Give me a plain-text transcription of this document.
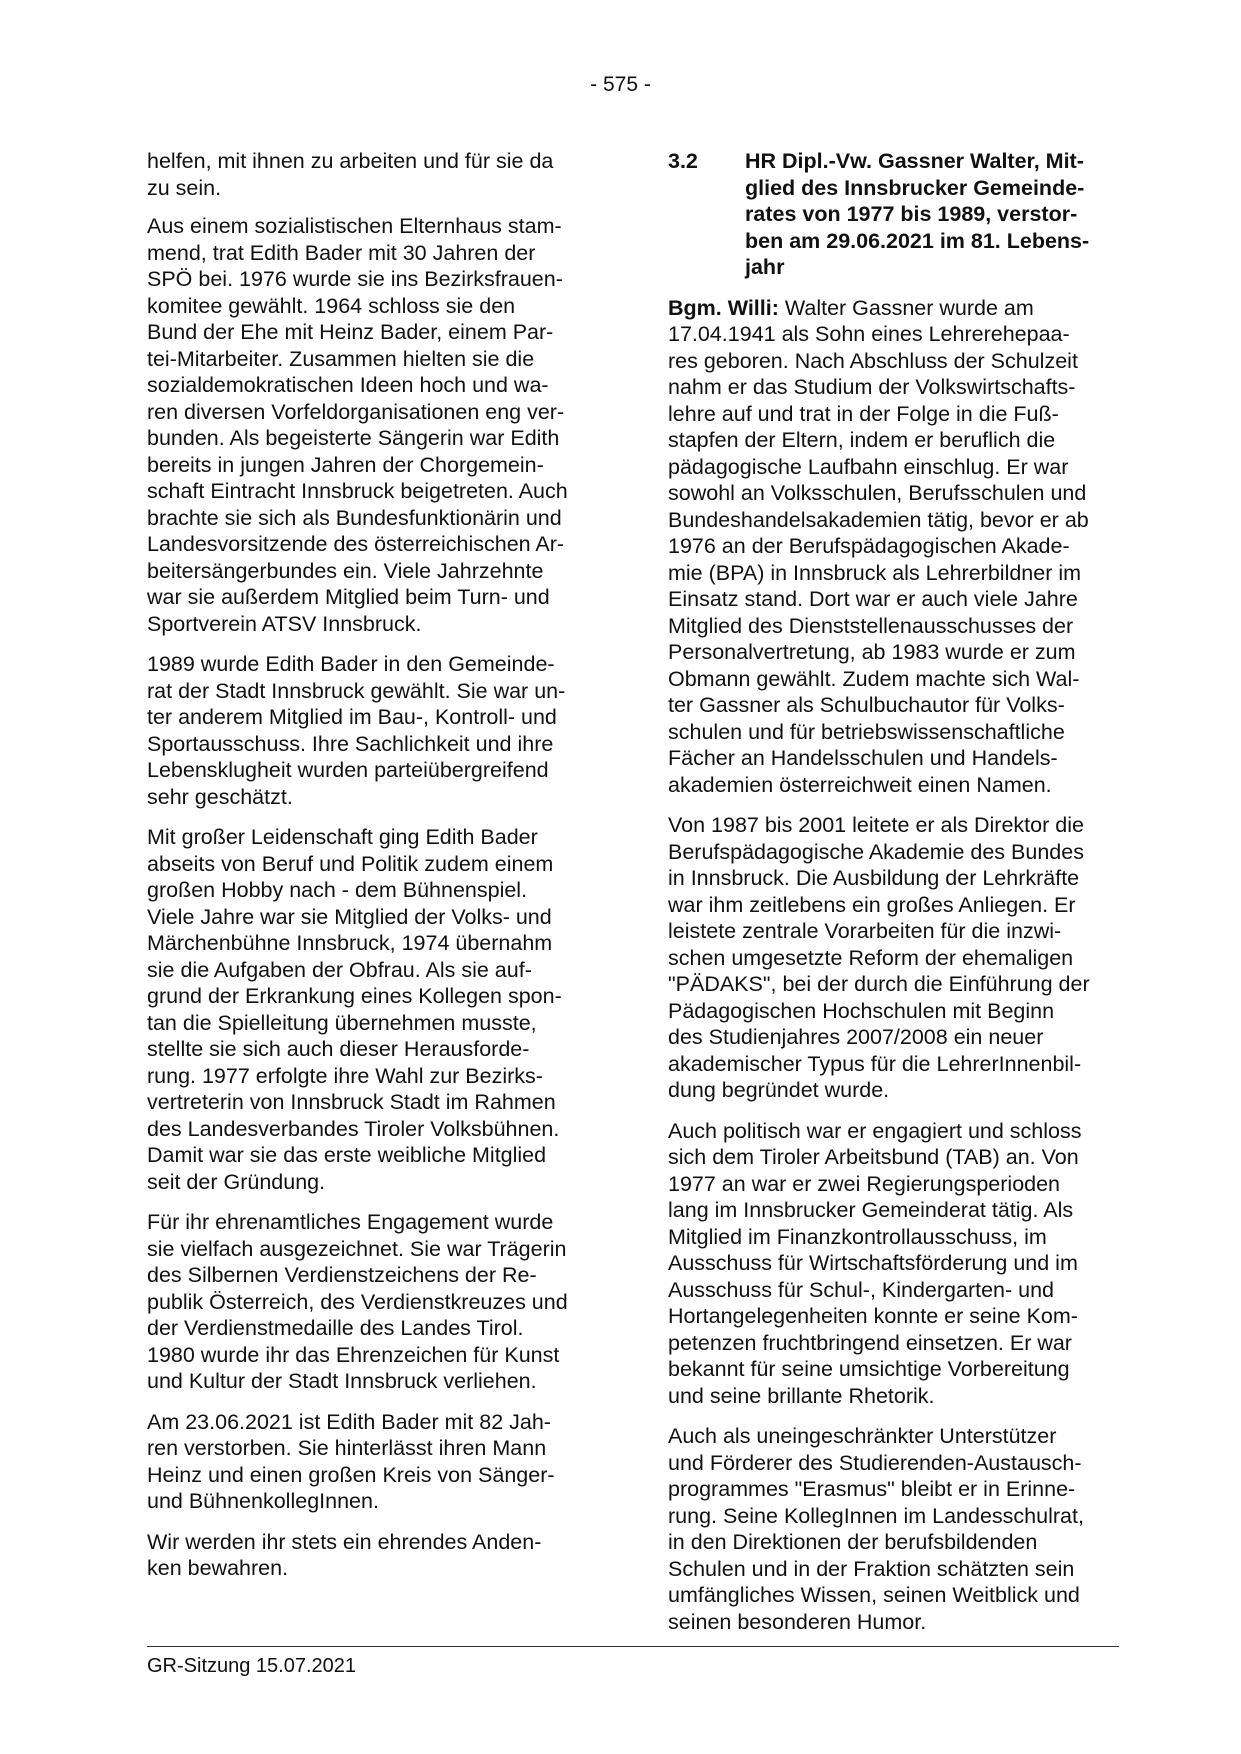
- 575 -

helfen, mit ihnen zu arbeiten und für sie da
zu sein.

Aus einem sozialistischen Elternhaus stam-
mend, trat Edith Bader mit 30 Jahren der
SPÖ bei. 1976 wurde sie ins Bezirksfrauen-
komitee gewählt. 1964 schloss sie den
Bund der Ehe mit Heinz Bader, einem Par-
tei-Mitarbeiter. Zusammen hielten sie die
sozialdemokratischen Ideen hoch und wa-
ren diversen Vorfeldorganisationen eng ver-
bunden. Als begeisterte Sängerin war Edith
bereits in jungen Jahren der Chorgemein-
schaft Eintracht Innsbruck beigetreten. Auch
brachte sie sich als Bundesfunktionärin und
Landesvorsitzende des österreichischen Ar-
beitersängerbundes ein. Viele Jahrzehnte
war sie außerdem Mitglied beim Turn- und
Sportverein ATSV Innsbruck.

1989 wurde Edith Bader in den Gemeinde-
rat der Stadt Innsbruck gewählt. Sie war un-
ter anderem Mitglied im Bau-, Kontroll- und
Sportausschuss. Ihre Sachlichkeit und ihre
Lebensklugheit wurden parteiübergreifend
sehr geschätzt.

Mit großer Leidenschaft ging Edith Bader
abseits von Beruf und Politik zudem einem
großen Hobby nach - dem Bühnenspiel.
Viele Jahre war sie Mitglied der Volks- und
Märchenbühne Innsbruck, 1974 übernahm
sie die Aufgaben der Obfrau. Als sie auf-
grund der Erkrankung eines Kollegen spon-
tan die Spielleitung übernehmen musste,
stellte sie sich auch dieser Herausforde-
rung. 1977 erfolgte ihre Wahl zur Bezirks-
vertreterin von Innsbruck Stadt im Rahmen
des Landesverbandes Tiroler Volksbühnen.
Damit war sie das erste weibliche Mitglied
seit der Gründung.

Für ihr ehrenamtliches Engagement wurde
sie vielfach ausgezeichnet. Sie war Trägerin
des Silbernen Verdienstzeichens der Re-
publik Österreich, des Verdienstkreuzes und
der Verdienstmedaille des Landes Tirol.
1980 wurde ihr das Ehrenzeichen für Kunst
und Kultur der Stadt Innsbruck verliehen.

Am 23.06.2021 ist Edith Bader mit 82 Jah-
ren verstorben. Sie hinterlässt ihren Mann
Heinz und einen großen Kreis von Sänger-
und BühnenkollegInnen.

Wir werden ihr stets ein ehrendes Anden-
ken bewahren.

3.2	HR Dipl.-Vw. Gassner Walter, Mit-
glied des Innsbrucker Gemeinde-
rates von 1977 bis 1989, verstor-
ben am 29.06.2021 im 81. Lebens-
jahr

Bgm. Willi: Walter Gassner wurde am
17.04.1941 als Sohn eines Lehrerehepaa-
res geboren. Nach Abschluss der Schulzeit
nahm er das Studium der Volkswirtschafts-
lehre auf und trat in der Folge in die Fuß-
stapfen der Eltern, indem er beruflich die
pädagogische Laufbahn einschlug. Er war
sowohl an Volksschulen, Berufsschulen und
Bundeshandelsakademien tätig, bevor er ab
1976 an der Berufspädagogischen Akade-
mie (BPA) in Innsbruck als Lehrerbildner im
Einsatz stand. Dort war er auch viele Jahre
Mitglied des Dienststellenausschusses der
Personalvertretung, ab 1983 wurde er zum
Obmann gewählt. Zudem machte sich Wal-
ter Gassner als Schulbuchautor für Volks-
schulen und für betriebswissenschaftliche
Fächer an Handelsschulen und Handels-
akademien österreichweit einen Namen.

Von 1987 bis 2001 leitete er als Direktor die
Berufspädagogische Akademie des Bundes
in Innsbruck. Die Ausbildung der Lehrkräfte
war ihm zeitlebens ein großes Anliegen. Er
leistete zentrale Vorarbeiten für die inzwi-
schen umgesetzte Reform der ehemaligen
"PÄDAKS", bei der durch die Einführung der
Pädagogischen Hochschulen mit Beginn
des Studienjahres 2007/2008 ein neuer
akademischer Typus für die LehrerInnenbil-
dung begründet wurde.

Auch politisch war er engagiert und schloss
sich dem Tiroler Arbeitsbund (TAB) an. Von
1977 an war er zwei Regierungsperioden
lang im Innsbrucker Gemeinderat tätig. Als
Mitglied im Finanzkontrollausschuss, im
Ausschuss für Wirtschaftsförderung und im
Ausschuss für Schul-, Kindergarten- und
Hortangelegenheiten konnte er seine Kom-
petenzen fruchtbringend einsetzen. Er war
bekannt für seine umsichtige Vorbereitung
und seine brillante Rhetorik.

Auch als uneingeschränkter Unterstützer
und Förderer des Studierenden-Austausch-
programmes "Erasmus" bleibt er in Erinne-
rung. Seine KollegInnen im Landesschulrat,
in den Direktionen der berufsbildenden
Schulen und in der Fraktion schätzten sein
umfängliches Wissen, seinen Weitblick und
seinen besonderen Humor.

GR-Sitzung 15.07.2021
